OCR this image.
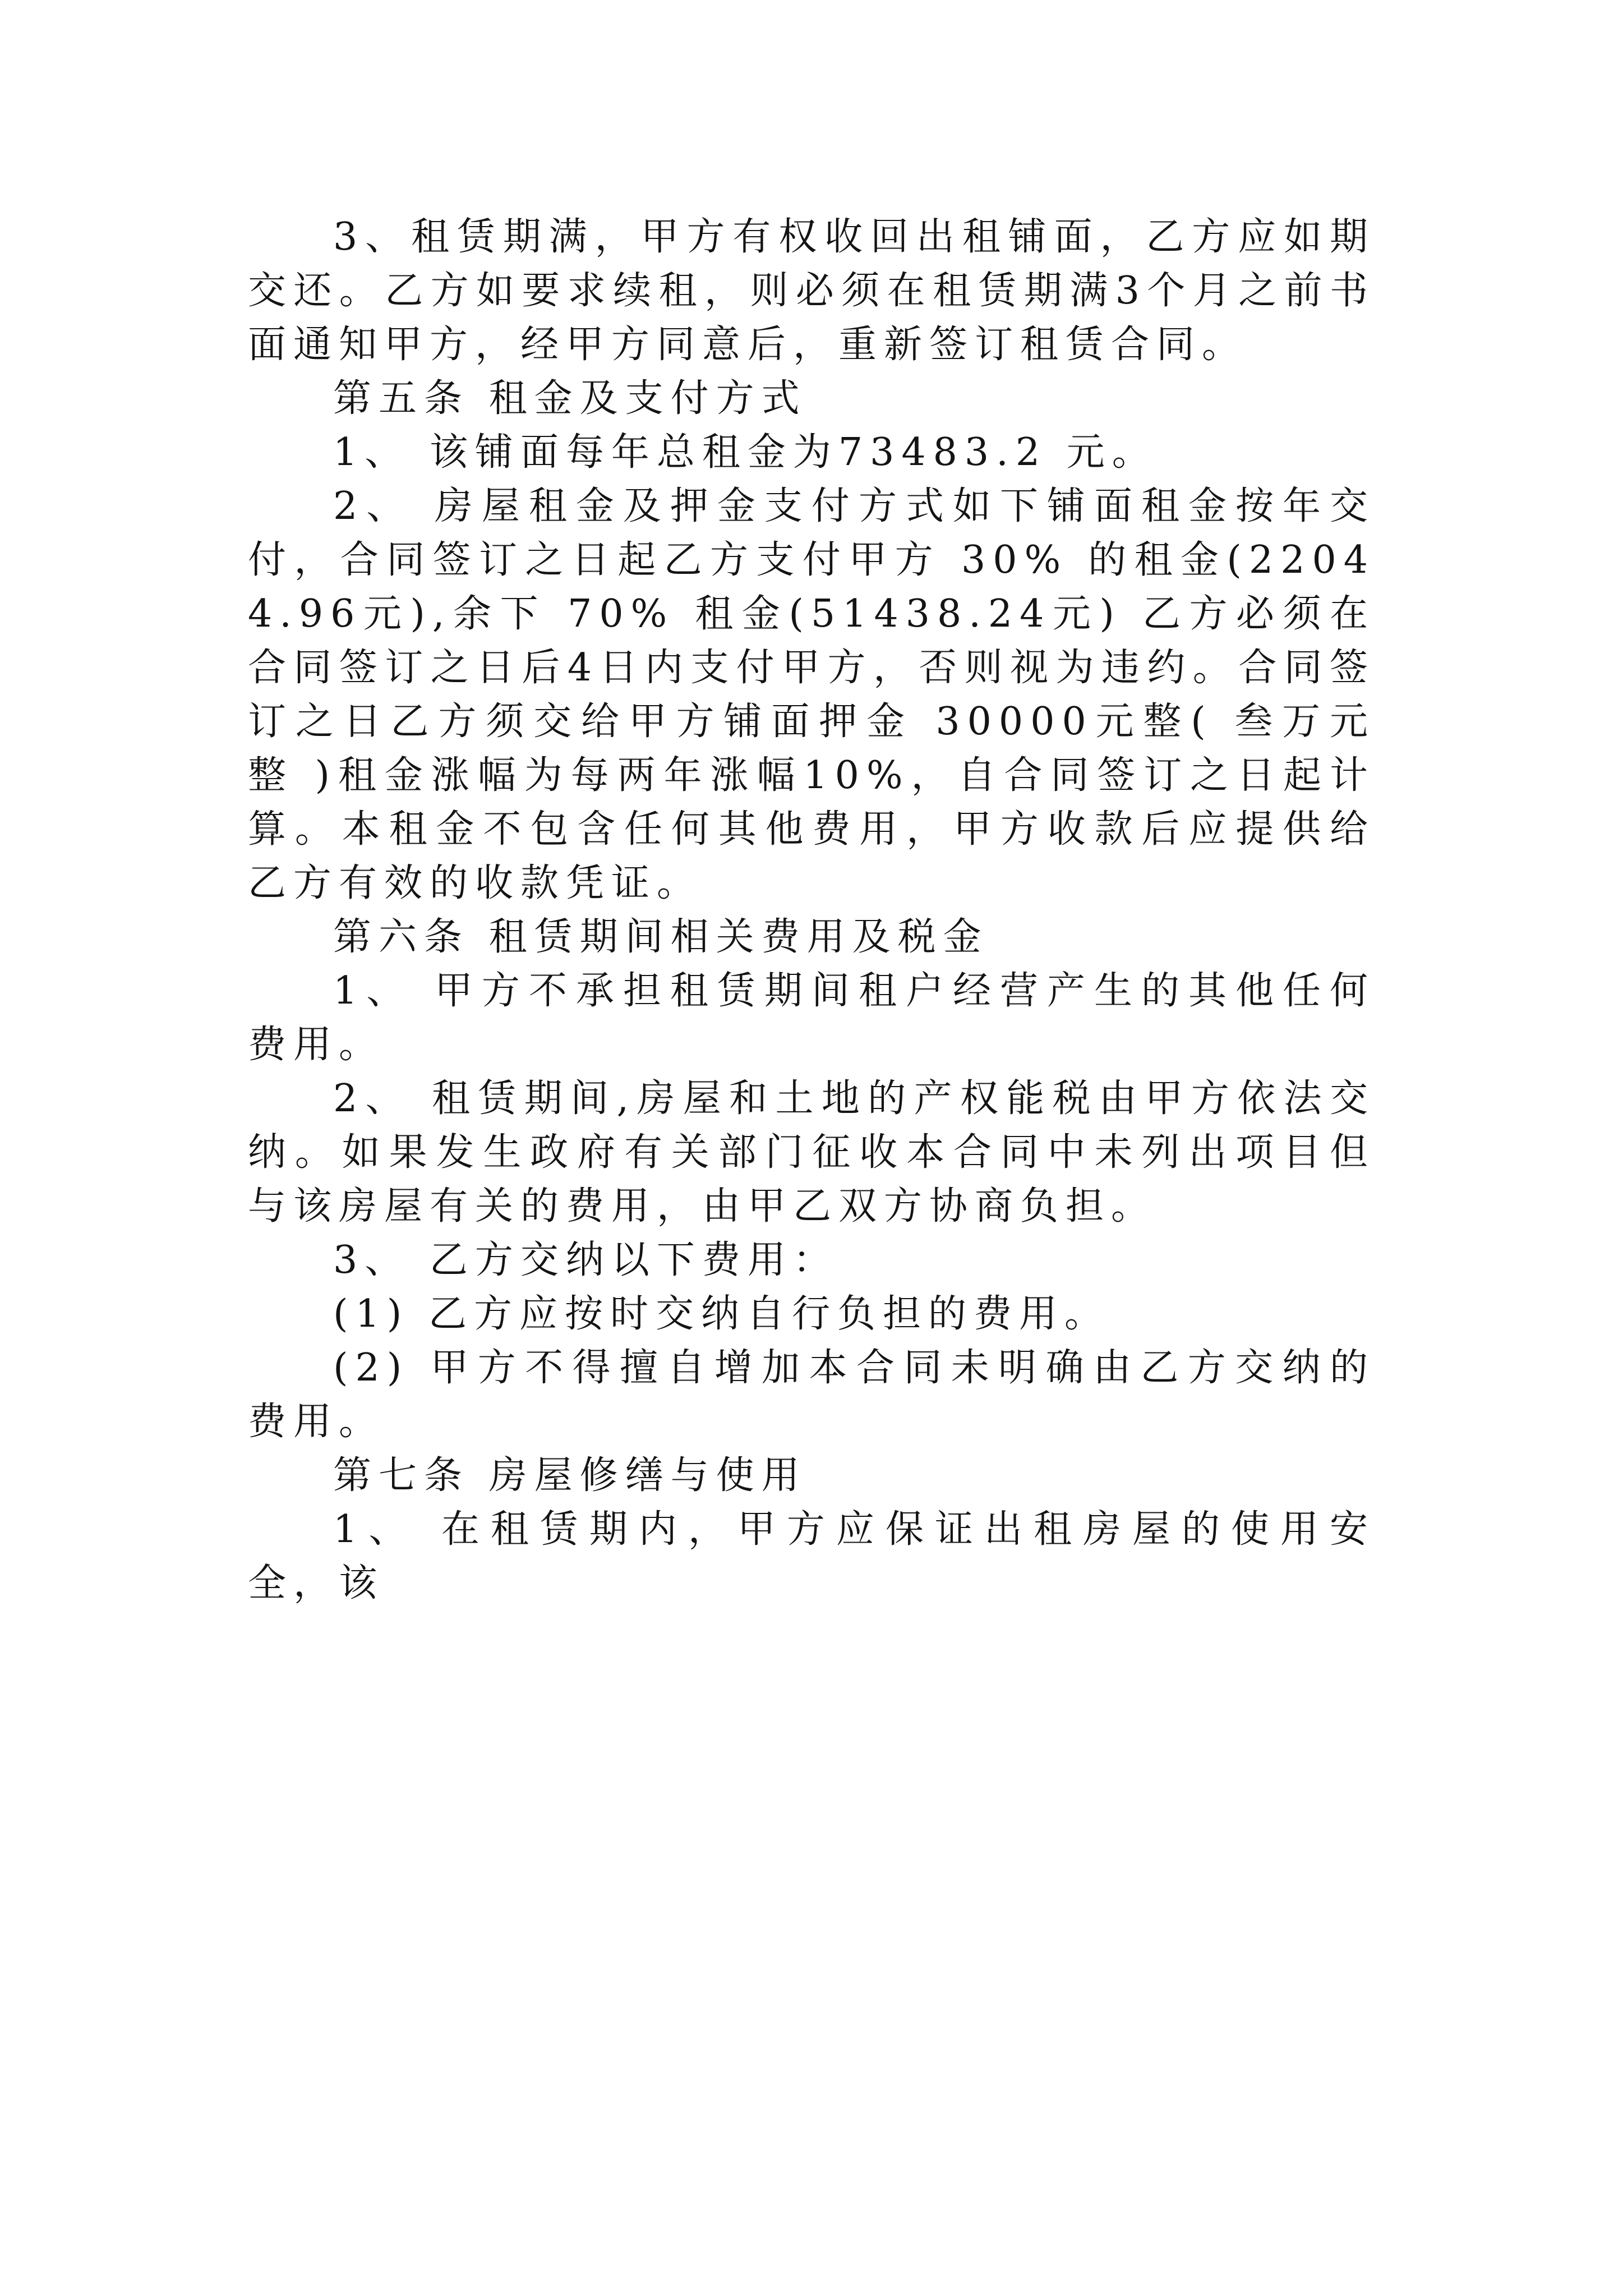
3、租赁期满，甲方有权收回出租铺面，乙方应如期交还。乙方如要求续租，则必须在租赁期满3个月之前书面通知甲方，经甲方同意后，重新签订租赁合同。

第五条 租金及支付方式

1、 该铺面每年总租金为73483.2 元。

2、 房屋租金及押金支付方式如下铺面租金按年交付，合同签订之日起乙方支付甲方 30% 的租金(22044.96元),余下 70% 租金(51438.24元) 乙方必须在合同签订之日后4日内支付甲方，否则视为违约。合同签订之日乙方须交给甲方铺面押金 30000元整( 叁万元整 )租金涨幅为每两年涨幅10%，自合同签订之日起计算。本租金不包含任何其他费用，甲方收款后应提供给乙方有效的收款凭证。

第六条 租赁期间相关费用及税金

1、 甲方不承担租赁期间租户经营产生的其他任何费用。

2、 租赁期间,房屋和土地的产权能税由甲方依法交纳。如果发生政府有关部门征收本合同中未列出项目但与该房屋有关的费用，由甲乙双方协商负担。

3、 乙方交纳以下费用：

(1) 乙方应按时交纳自行负担的费用。

(2) 甲方不得擅自增加本合同未明确由乙方交纳的费用。

第七条 房屋修缮与使用

1、 在租赁期内，甲方应保证出租房屋的使用安全，该
